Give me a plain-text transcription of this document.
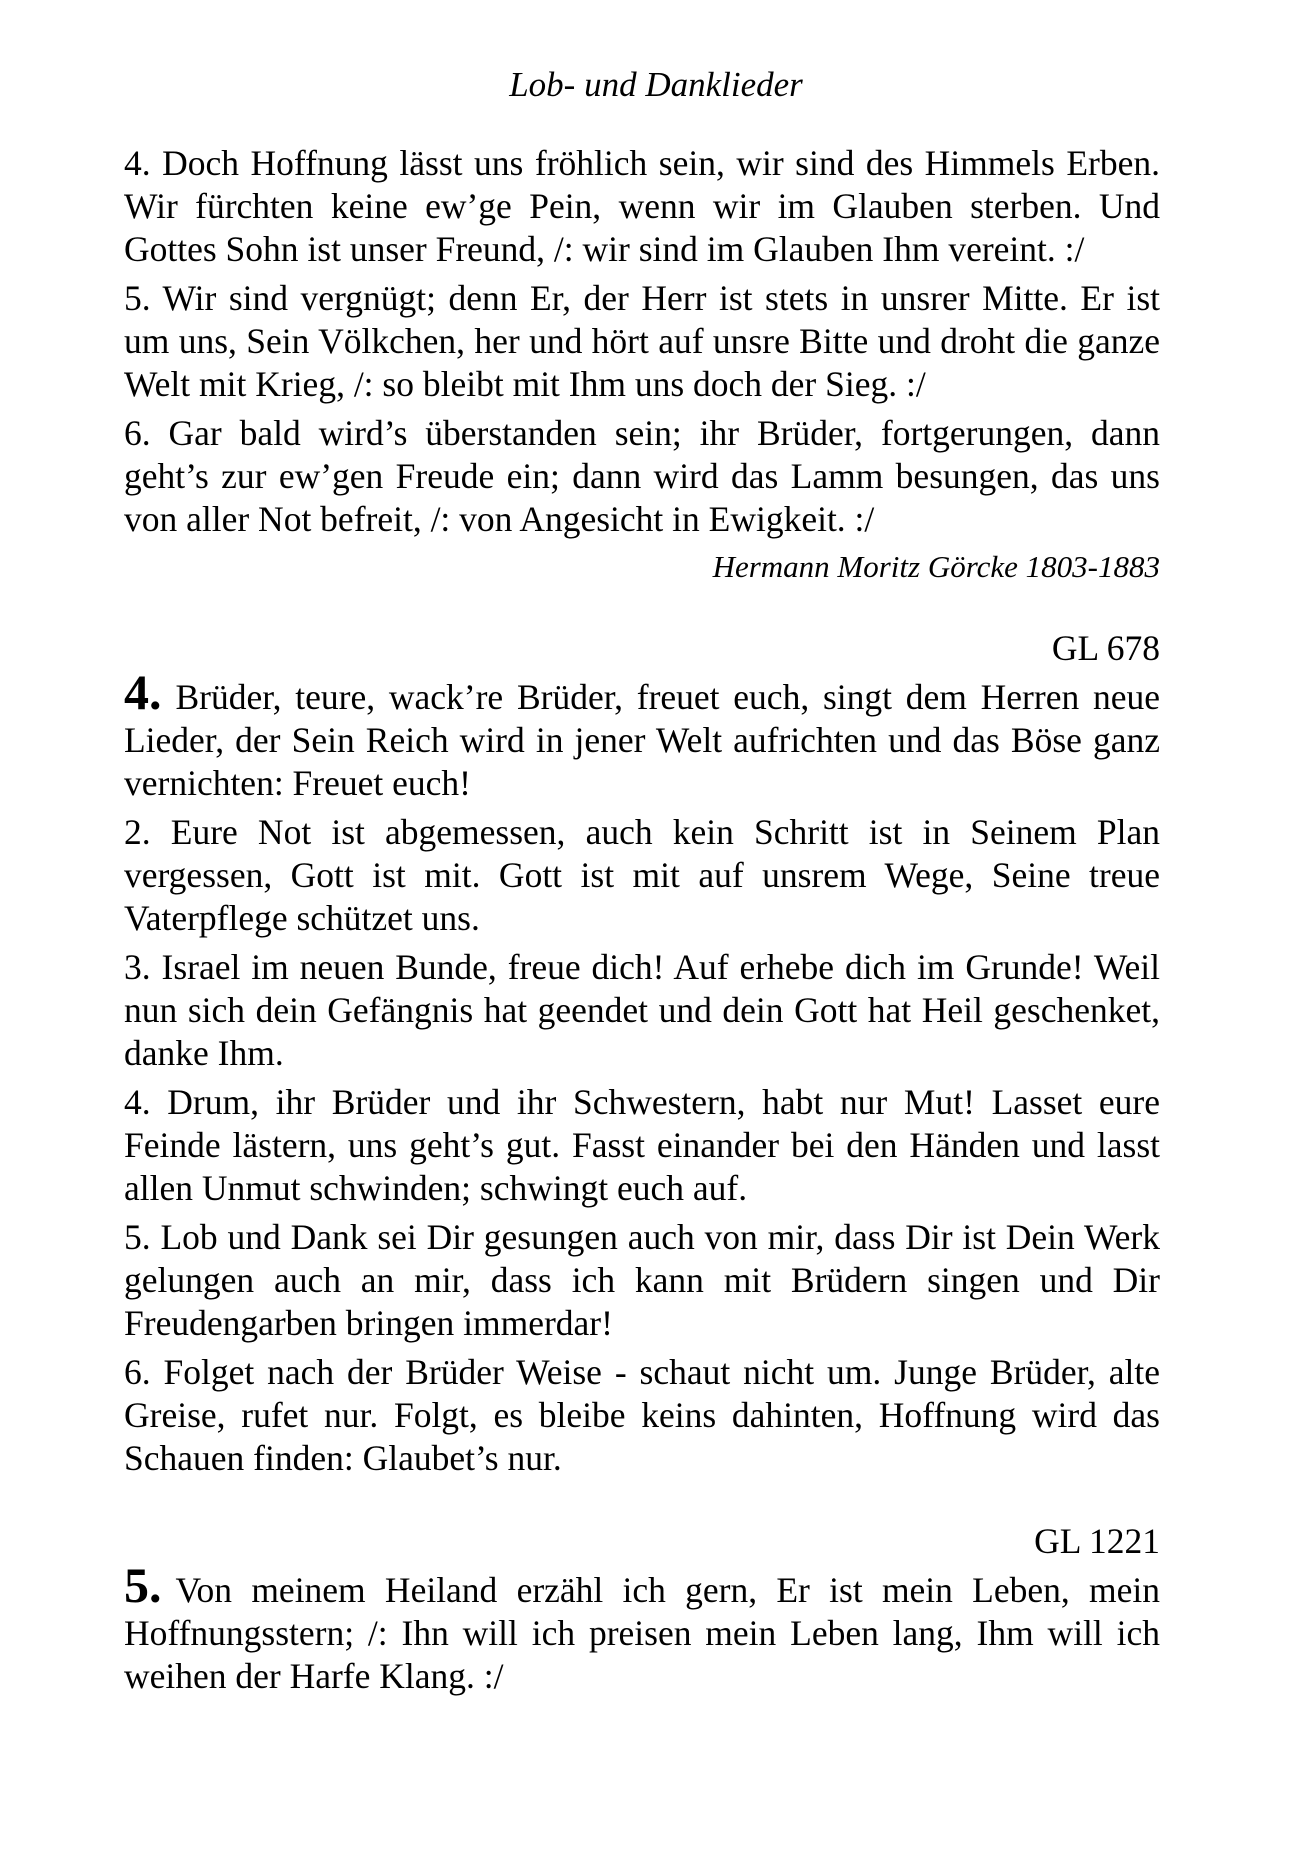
Lob- und Danklieder

4. Doch Hoffnung lässt uns fröhlich sein, wir sind des Himmels Erben. Wir fürchten keine ew’ge Pein, wenn wir im Glauben sterben. Und Gottes Sohn ist unser Freund, /: wir sind im Glauben Ihm vereint. :/

5. Wir sind vergnügt; denn Er, der Herr ist stets in unsrer Mitte. Er ist um uns, Sein Völkchen, her und hört auf unsre Bitte und droht die ganze Welt mit Krieg, /: so bleibt mit Ihm uns doch der Sieg. :/

6. Gar bald wird’s überstanden sein; ihr Brüder, fortgerungen, dann geht’s zur ew’gen Freude ein; dann wird das Lamm besungen, das uns von aller Not befreit, /: von Angesicht in Ewigkeit. :/

Hermann Moritz Görcke 1803-1883

GL 678

4. Brüder, teure, wack’re Brüder, freuet euch, singt dem Herren neue Lieder, der Sein Reich wird in jener Welt aufrichten und das Böse ganz vernichten: Freuet euch!

2. Eure Not ist abgemessen, auch kein Schritt ist in Seinem Plan vergessen, Gott ist mit. Gott ist mit auf unsrem Wege, Seine treue Vaterpflege schützet uns.

3. Israel im neuen Bunde, freue dich! Auf erhebe dich im Grunde! Weil nun sich dein Gefängnis hat geendet und dein Gott hat Heil geschenket, danke Ihm.

4. Drum, ihr Brüder und ihr Schwestern, habt nur Mut! Lasset eure Feinde lästern, uns geht’s gut. Fasst einander bei den Händen und lasst allen Unmut schwinden; schwingt euch auf.

5. Lob und Dank sei Dir gesungen auch von mir, dass Dir ist Dein Werk gelungen auch an mir, dass ich kann mit Brüdern singen und Dir Freudengarben bringen immerdar!

6. Folget nach der Brüder Weise - schaut nicht um. Junge Brüder, alte Greise, rufet nur. Folgt, es bleibe keins dahinten, Hoffnung wird das Schauen finden: Glaubet’s nur.

GL 1221

5. Von meinem Heiland erzähl ich gern, Er ist mein Leben, mein Hoffnungsstern; /: Ihn will ich preisen mein Leben lang, Ihm will ich weihen der Harfe Klang. :/
